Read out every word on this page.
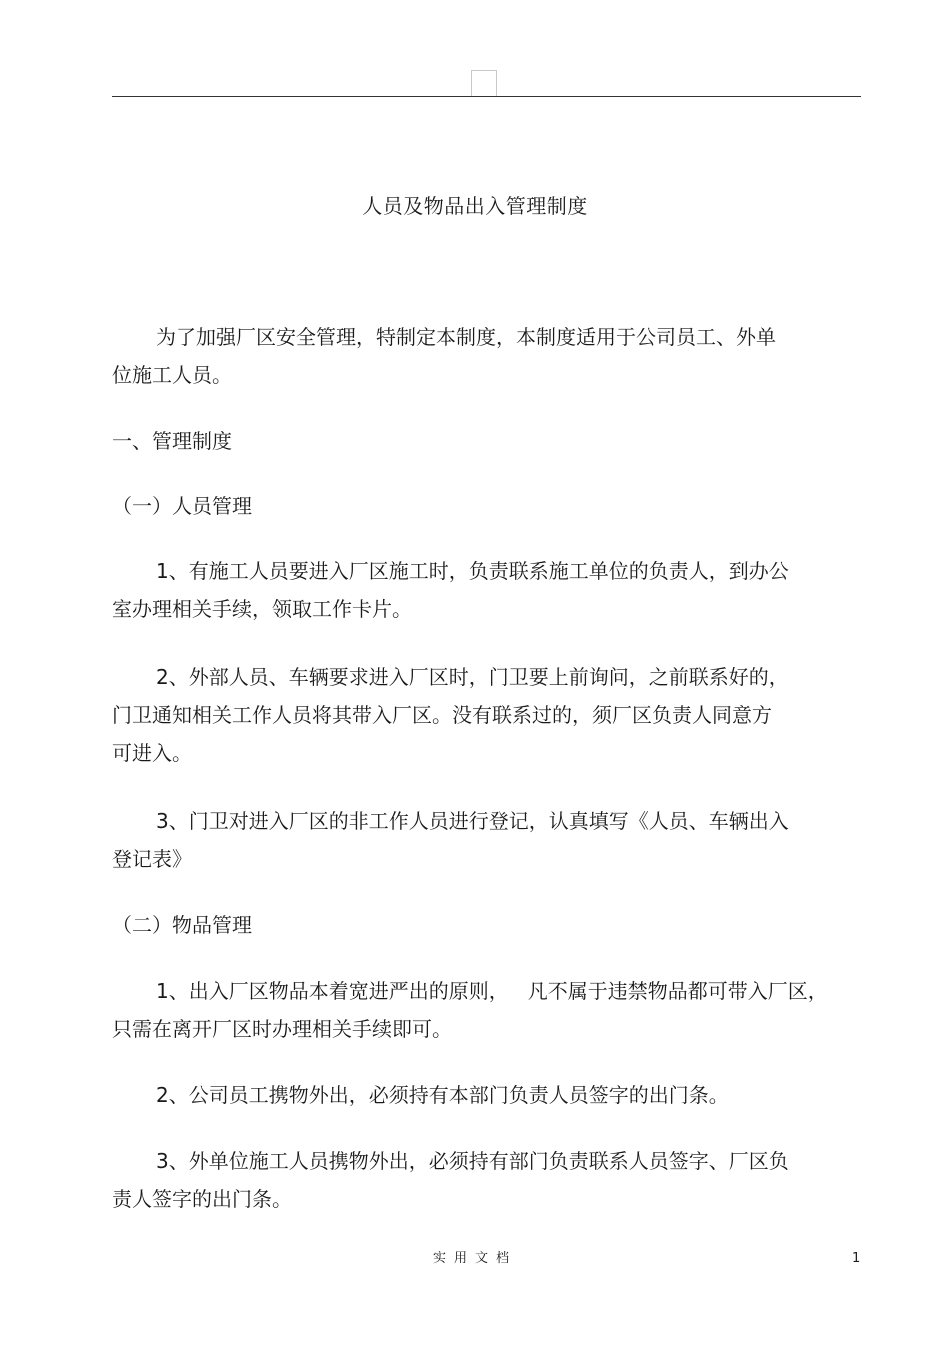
人员及物品出入管理制度
为了加强厂区安全管理，特制定本制度，本制度适用于公司员工、外单
位施工人员。
一、管理制度
（一）人员管理
1、有施工人员要进入厂区施工时，负责联系施工单位的负责人，到办公
室办理相关手续，领取工作卡片。
2、外部人员、车辆要求进入厂区时，门卫要上前询问，之前联系好的，
门卫通知相关工作人员将其带入厂区。没有联系过的，须厂区负责人同意方
可进入。
3、门卫对进入厂区的非工作人员进行登记，认真填写《人员、车辆出入
登记表》
（二）物品管理
1、出入厂区物品本着宽进严出的原则，   凡不属于违禁物品都可带入厂区，
只需在离开厂区时办理相关手续即可。
2、公司员工携物外出，必须持有本部门负责人员签字的出门条。
3、外单位施工人员携物外出，必须持有部门负责联系人员签字、厂区负
责人签字的出门条。
实用文档	1
